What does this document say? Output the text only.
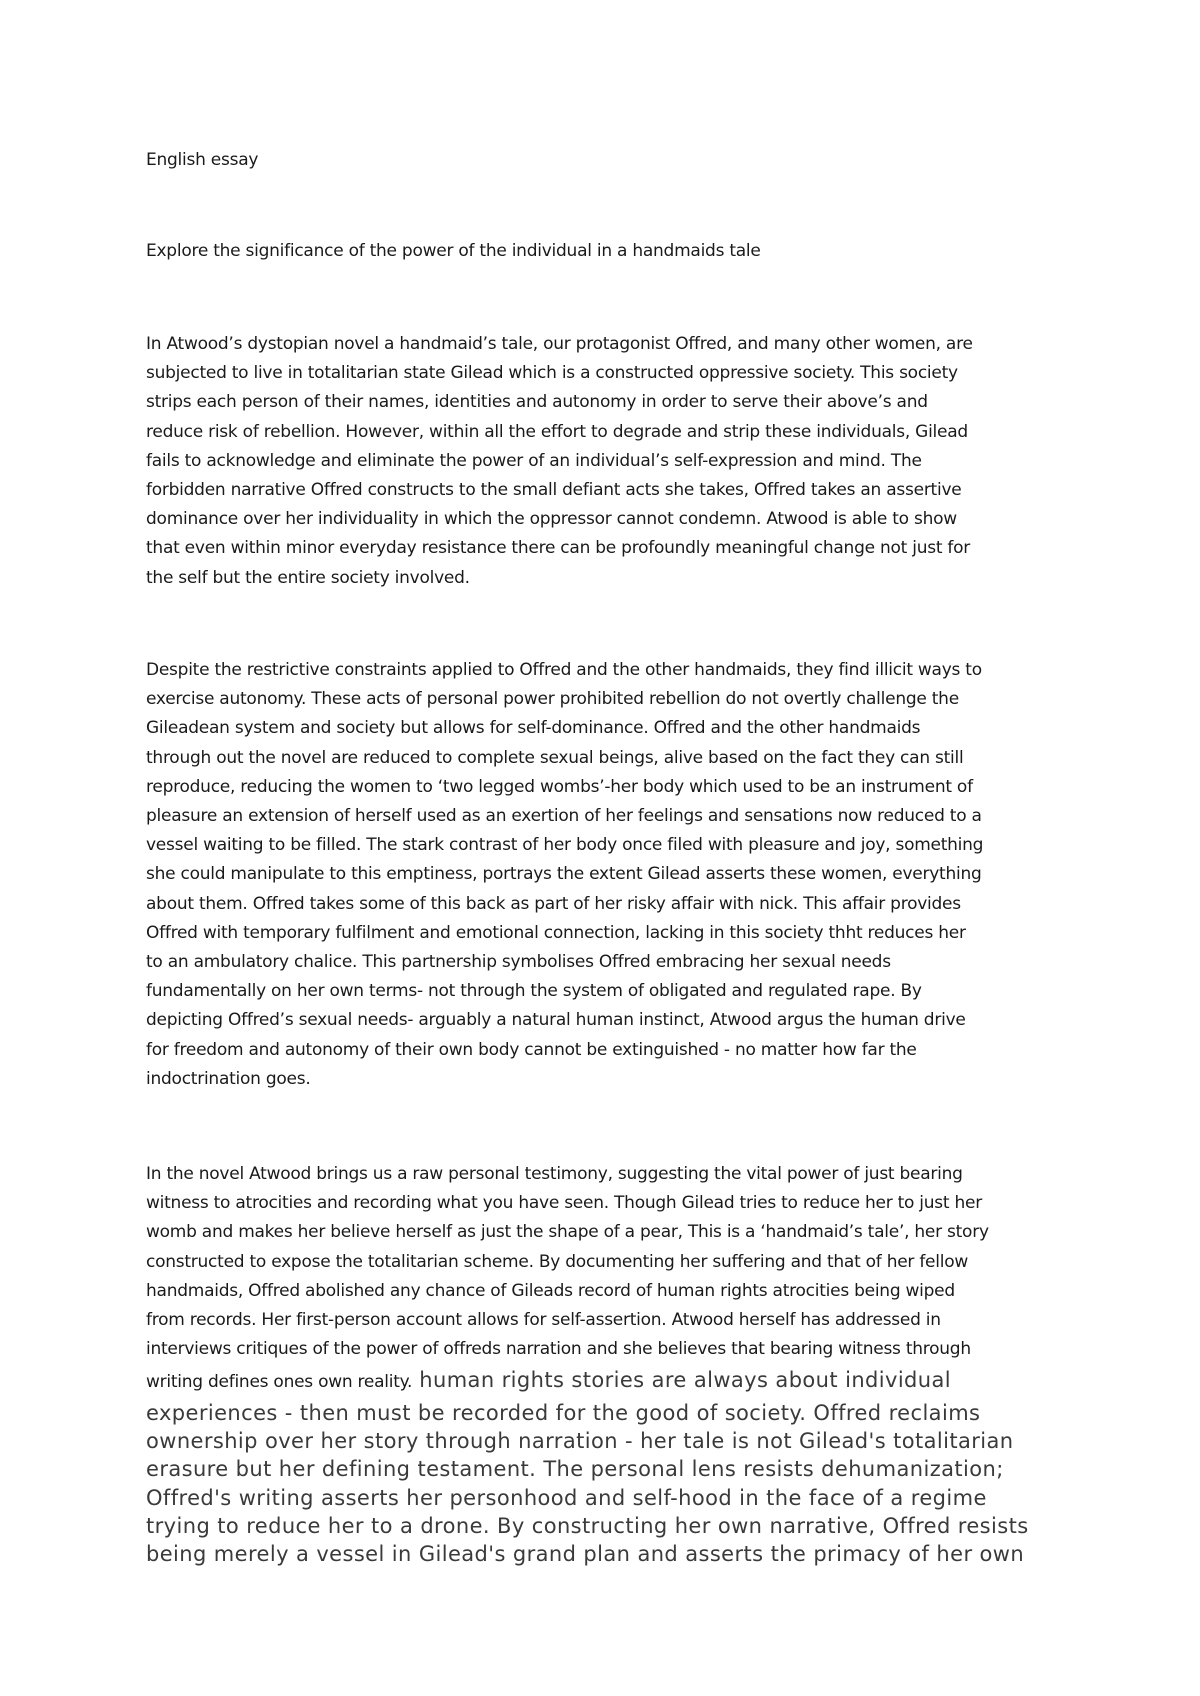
English essay

Explore the significance of the power of the individual in a handmaids tale

In Atwood’s dystopian novel a handmaid’s tale, our protagonist Offred, and many other women, are
subjected to live in totalitarian state Gilead which is a constructed oppressive society. This society
strips each person of their names, identities and autonomy in order to serve their above’s and
reduce risk of rebellion. However, within all the effort to degrade and strip these individuals, Gilead
fails to acknowledge and eliminate the power of an individual’s self-expression and mind. The
forbidden narrative Offred constructs to the small defiant acts she takes, Offred takes an assertive
dominance over her individuality in which the oppressor cannot condemn. Atwood is able to show
that even within minor everyday resistance there can be profoundly meaningful change not just for
the self but the entire society involved.
Despite the restrictive constraints applied to Offred and the other handmaids, they find illicit ways to
exercise autonomy. These acts of personal power prohibited rebellion do not overtly challenge the
Gileadean system and society but allows for self-dominance. Offred and the other handmaids
through out the novel are reduced to complete sexual beings, alive based on the fact they can still
reproduce, reducing the women to ‘two legged wombs’-her body which used to be an instrument of
pleasure an extension of herself used as an exertion of her feelings and sensations now reduced to a
vessel waiting to be filled. The stark contrast of her body once filed with pleasure and joy, something
she could manipulate to this emptiness, portrays the extent Gilead asserts these women, everything
about them. Offred takes some of this back as part of her risky affair with nick. This affair provides
Offred with temporary fulfilment and emotional connection, lacking in this society thht reduces her
to an ambulatory chalice. This partnership symbolises Offred embracing her sexual needs
fundamentally on her own terms- not through the system of obligated and regulated rape. By
depicting Offred’s sexual needs- arguably a natural human instinct, Atwood argus the human drive
for freedom and autonomy of their own body cannot be extinguished - no matter how far the
indoctrination goes.
In the novel Atwood brings us a raw personal testimony, suggesting the vital power of just bearing
witness to atrocities and recording what you have seen. Though Gilead tries to reduce her to just her
womb and makes her believe herself as just the shape of a pear, This is a ‘handmaid’s tale’, her story
constructed to expose the totalitarian scheme. By documenting her suffering and that of her fellow
handmaids, Offred abolished any chance of Gileads record of human rights atrocities being wiped
from records. Her first-person account allows for self-assertion. Atwood herself has addressed in
interviews critiques of the power of offreds narration and she believes that bearing witness through
writing defines ones own reality. human rights stories are always about individual
experiences - then must be recorded for the good of society. Offred reclaims
ownership over her story through narration - her tale is not Gilead's totalitarian
erasure but her defining testament. The personal lens resists dehumanization;
Offred's writing asserts her personhood and self-hood in the face of a regime
trying to reduce her to a drone. By constructing her own narrative, Offred resists
being merely a vessel in Gilead's grand plan and asserts the primacy of her own
